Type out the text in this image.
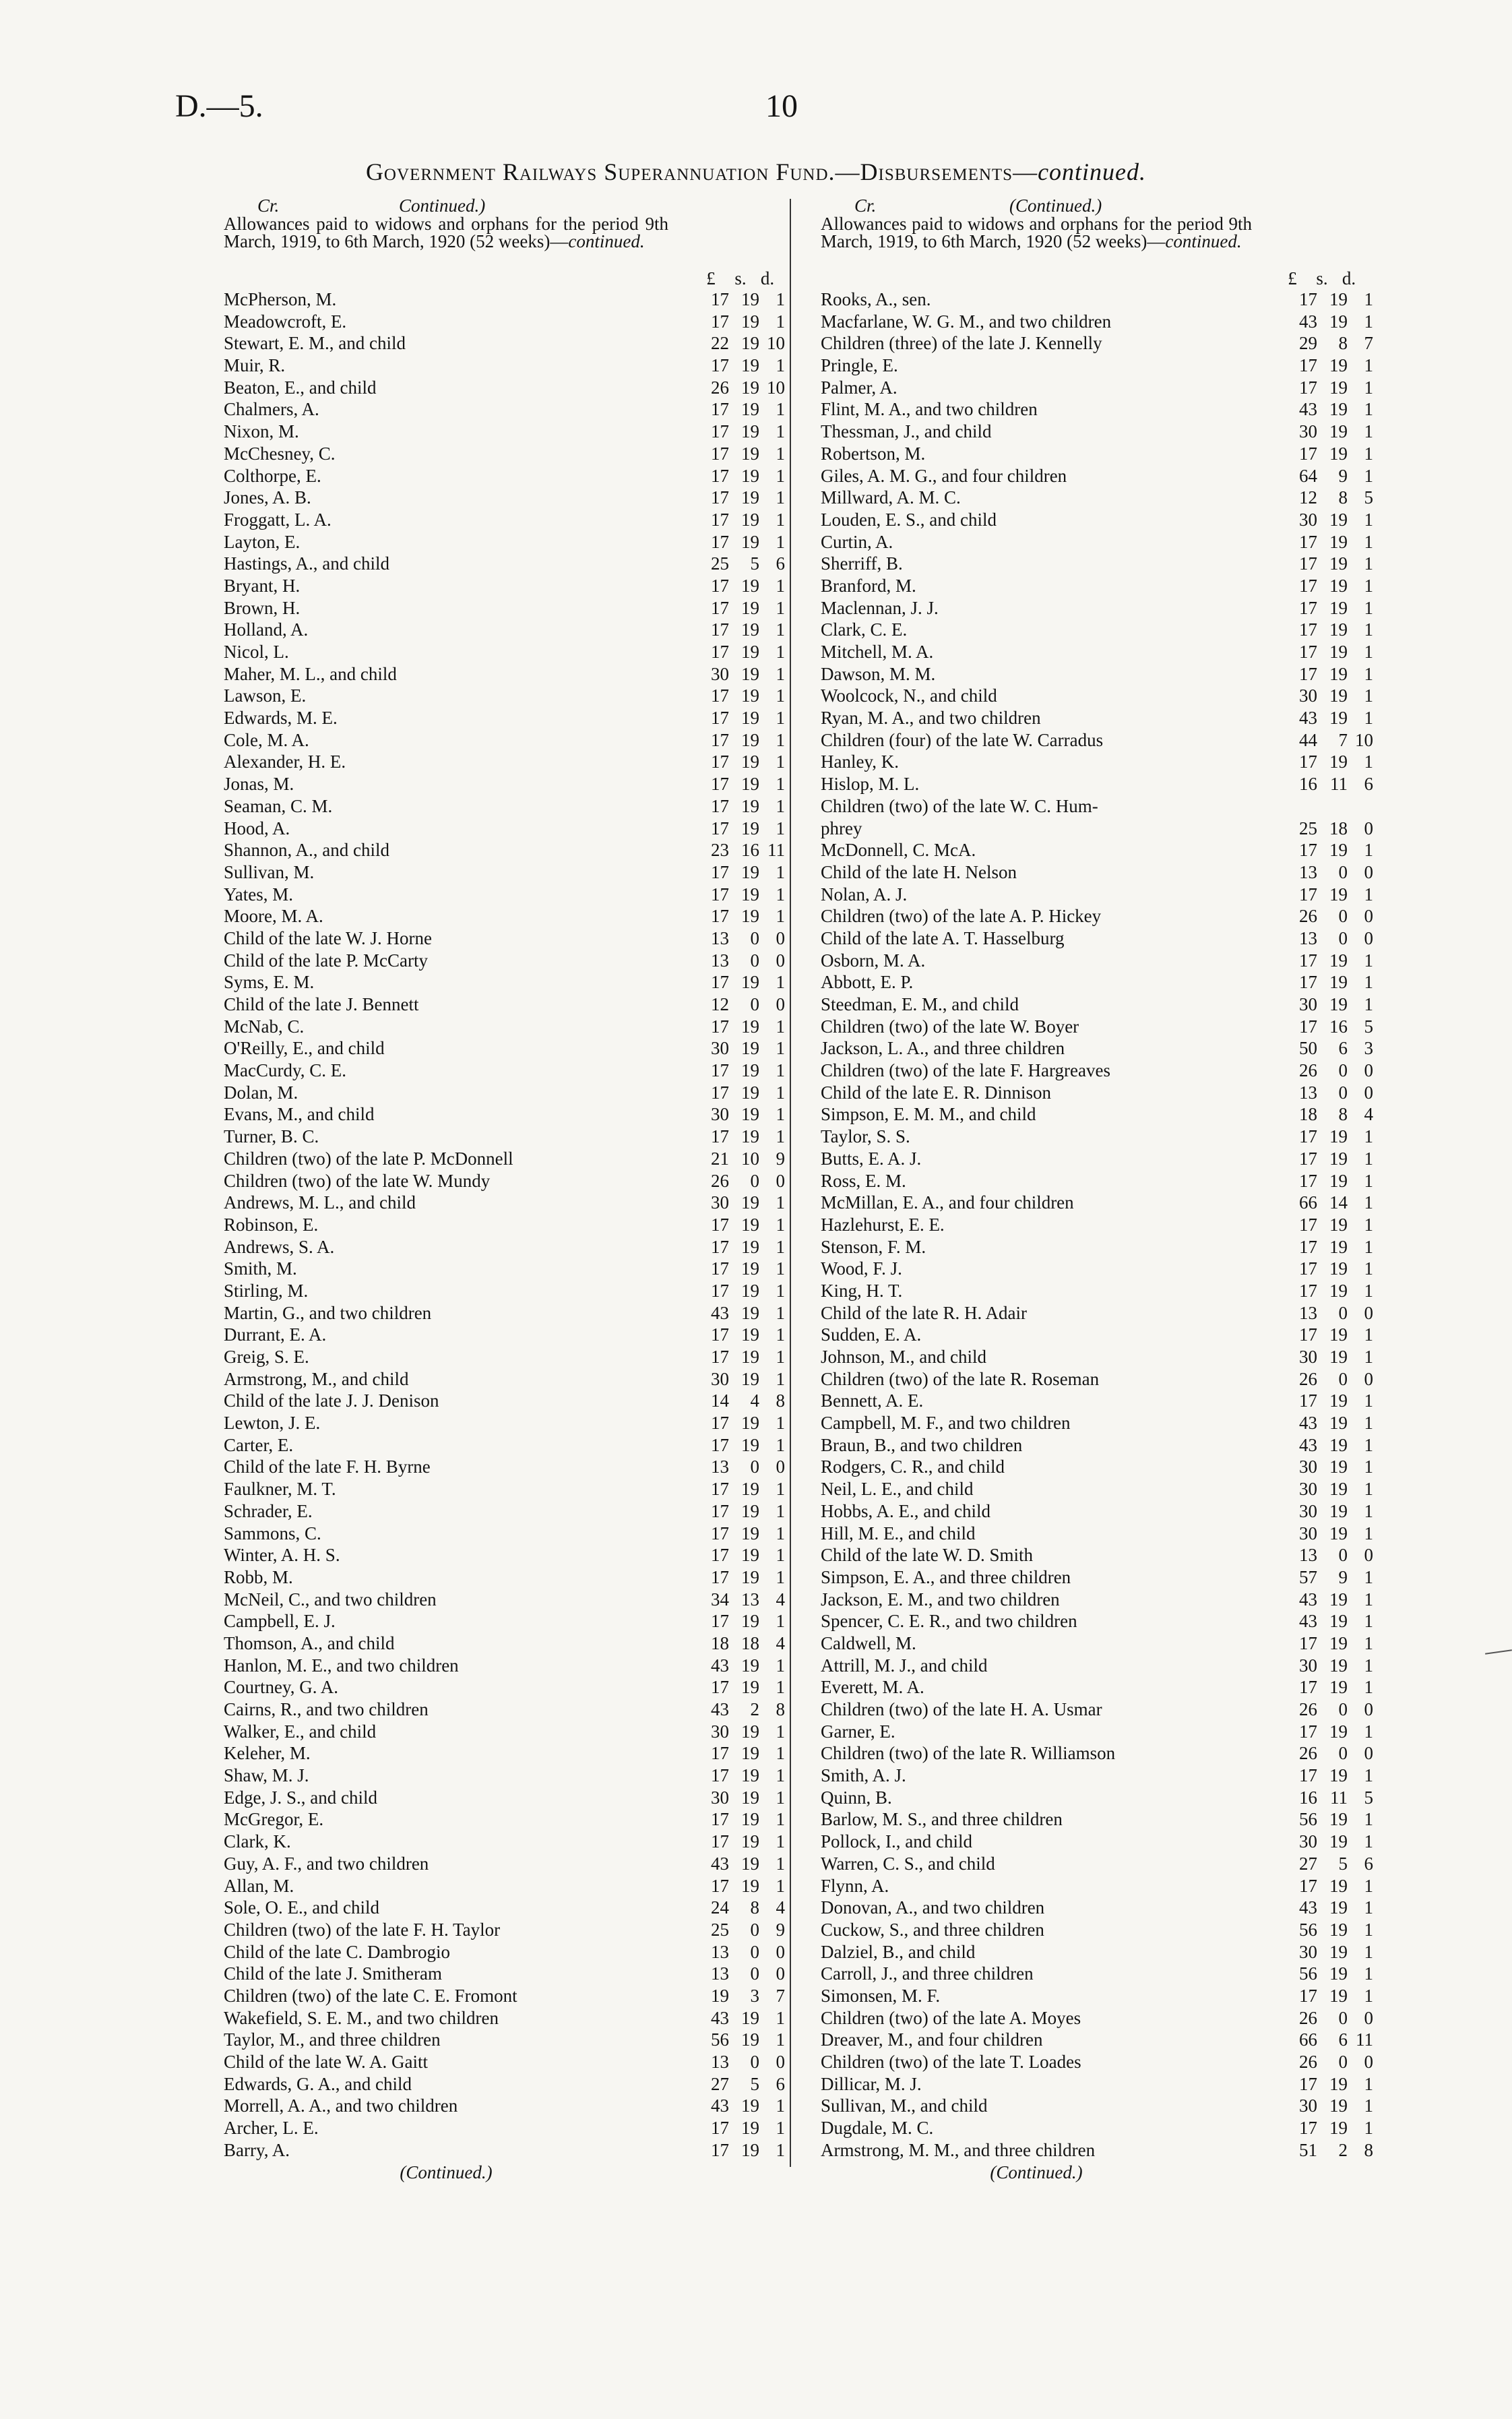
D.—5.	10
Government Railways Superannuation Fund.—Disbursements—continued.
Cr.	Continued.)
Allowances paid to widows and orphans for the period 9th March, 1919, to 6th March, 1920 (52 weeks)—continued.
£	s. d.
McPherson, M.
	17 19 1
Meadowcroft, E.
	17 19 1
Stewart, E. M., and child
	22 19 10
Muir, R.
	17 19 1
Beaton, E., and child
	26 19 10
Chalmers, A.
	17 19 1
Nixon, M.
	17 19 1
McChesney, C.
	17 19 1
Colthorpe, E.
	17 19 1
Jones, A. B.
	17 19 1
Froggatt, L. A.
	17 19 1
Layton, E.
	17 19 1
Hastings, A., and child
	25	5 6
Bryant, H.
	17 19 1
Brown, H.
	17 19 1
Holland, A.
	17 19 1
Nicol, L.
	17 19 1
Maher, M. L., and child
	30 19 1
Lawson, E.
	17 19 1
Edwards, M. E.
	17 19 1
Cole, M. A.
	17 19 1
Alexander, H. E.
	17 19 1
Jonas, M.
	17 19 1
Seaman, C. M.
	17 19 1
Hood, A.
	17 19 1
Shannon, A., and child
	23 16 11
Sullivan, M.
	17 19 1
Yates, M.
	17 19 1
Moore, M. A.
	17 19 1
Child of the late W. J. Horne
	13	0 0
Child of the late P. McCarty
	13	0 0
Syms, E. M.
	17 19 1
Child of the late J. Bennett
	12	0 0
McNab, C.
	17 19 1
O'Reilly, E., and child
	30 19 1
MacCurdy, C. E.
	17 19 1
Dolan, M.
	17 19 1
Evans, M., and child
	30 19 1
Turner, B. C.
	17 19 1
Children (two) of the late P. McDonnell
	21 10 9
Children (two) of the late W. Mundy
	26	0 0
Andrews, M. L., and child
	30 19 1
Robinson, E.
	17 19 1
Andrews, S. A.
	17 19 1
Smith, M.
	17 19 1
Stirling, M.
	17 19 1
Martin, G., and two children
	43 19 1
Durrant, E. A.
	17 19 1
Greig, S. E.
	17 19 1
Armstrong, M., and child
	30 19 1
Child of the late J. J. Denison
	14	4 8
Lewton, J. E.
	17 19 1
Carter, E.
	17 19 1
Child of the late F. H. Byrne
	13	0 0
Faulkner, M. T.
	17 19 1
Schrader, E.
	17 19 1
Sammons, C.
	17 19 1
Winter, A. H. S.
	17 19 1
Robb, M.
	17 19 1
McNeil, C., and two children
	34 13 4
Campbell, E. J.
	17 19 1
Thomson, A., and child
	18 18 4
Hanlon, M. E., and two children
	43 19 1
Courtney, G. A.
	17 19 1
Cairns, R., and two children
	43	2 8
Walker, E., and child
	30 19 1
Keleher, M.
	17 19 1
Shaw, M. J.
	17 19 1
Edge, J. S., and child
	30 19 1
McGregor, E.
	17 19 1
Clark, K.
	17 19 1
Guy, A. F., and two children
	43 19 1
Allan, M.
	17 19 1
Sole, O. E., and child
	24	8 4
Children (two) of the late F. H. Taylor
	25	0 9
Child of the late C. Dambrogio
	13	0 0
Child of the late J. Smitheram
	13	0 0
Children (two) of the late C. E. Fromont
	19	3 7
Wakefield, S. E. M., and two children
	43 19 1
Taylor, M., and three children
	56 19 1
Child of the late W. A. Gaitt
	13	0 0
Edwards, G. A., and child
	27	5 6
Morrell, A. A., and two children
	43 19 1
Archer, L. E.
	17 19 1
Barry, A.
	17 19 1
(Continued.)
Cr.	(Continued.)
Allowances paid to widows and orphans for the period 9th March, 1919, to 6th March, 1920 (52 weeks)—continued.
£	s. d.
Rooks, A., sen.
	17 19 1
Macfarlane, W. G. M., and two children
	43 19 1
Children (three) of the late J. Kennelly
	29	8 7
Pringle, E.
	17 19 1
Palmer, A.
	17 19 1
Flint, M. A., and two children
	43 19 1
Thessman, J., and child
	30 19 1
Robertson, M.
	17 19 1
Giles, A. M. G., and four children
	64	9 1
Millward, A. M. C.
	12	8 5
Louden, E. S., and child
	30 19 1
Curtin, A.
	17 19 1
Sherriff, B.
	17 19 1
Branford, M.
	17 19 1
Maclennan, J. J.
	17 19 1
Clark, C. E.
	17 19 1
Mitchell, M. A.
	17 19 1
Dawson, M. M.
	17 19 1
Woolcock, N., and child
	30 19 1
Ryan, M. A., and two children
	43 19 1
Children (four) of the late W. Carradus
	44	7 10
Hanley, K.
	17 19 1
Hislop, M. L.
	16 11 6
Children (two) of the late W. C. Hum-

phrey
	25 18 0
McDonnell, C. McA.
	17 19 1
Child of the late H. Nelson
	13	0 0
Nolan, A. J.
	17 19 1
Children (two) of the late A. P. Hickey
	26	0 0
Child of the late A. T. Hasselburg
	13	0 0
Osborn, M. A.
	17 19 1
Abbott, E. P.
	17 19 1
Steedman, E. M., and child
	30 19 1
Children (two) of the late W. Boyer
	17 16 5
Jackson, L. A., and three children
	50	6 3
Children (two) of the late F. Hargreaves
	26	0 0
Child of the late E. R. Dinnison
	13	0 0
Simpson, E. M. M., and child
	18	8 4
Taylor, S. S.
	17 19 1
Butts, E. A. J.
	17 19 1
Ross, E. M.
	17 19 1
McMillan, E. A., and four children
	66 14 1
Hazlehurst, E. E.
	17 19 1
Stenson, F. M.
	17 19 1
Wood, F. J.
	17 19 1
King, H. T.
	17 19 1
Child of the late R. H. Adair
	13	0 0
Sudden, E. A.
	17 19 1
Johnson, M., and child
	30 19 1
Children (two) of the late R. Roseman
	26	0 0
Bennett, A. E.
	17 19 1
Campbell, M. F., and two children
	43 19 1
Braun, B., and two children
	43 19 1
Rodgers, C. R., and child
	30 19 1
Neil, L. E., and child
	30 19 1
Hobbs, A. E., and child
	30 19 1
Hill, M. E., and child
	30 19 1
Child of the late W. D. Smith
	13	0 0
Simpson, E. A., and three children
	57	9 1
Jackson, E. M., and two children
	43 19 1
Spencer, C. E. R., and two children
	43 19 1
Caldwell, M.
	17 19 1
Attrill, M. J., and child
	30 19 1
Everett, M. A.
	17 19 1
Children (two) of the late H. A. Usmar
	26	0 0
Garner, E.
	17 19 1
Children (two) of the late R. Williamson
	26	0 0
Smith, A. J.
	17 19 1
Quinn, B.
	16 11 5
Barlow, M. S., and three children
	56 19 1
Pollock, I., and child
	30 19 1
Warren, C. S., and child
	27	5 6
Flynn, A.
	17 19 1
Donovan, A., and two children
	43 19 1
Cuckow, S., and three children
	56 19 1
Dalziel, B., and child
	30 19 1
Carroll, J., and three children
	56 19 1
Simonsen, M. F.
	17 19 1
Children (two) of the late A. Moyes
	26	0 0
Dreaver, M., and four children
	66	6 11
Children (two) of the late T. Loades
	26	0 0
Dillicar, M. J.
	17 19 1
Sullivan, M., and child
	30 19 1
Dugdale, M. C.
	17 19 1
Armstrong, M. M., and three children
	51	2 8
(Continued.)
